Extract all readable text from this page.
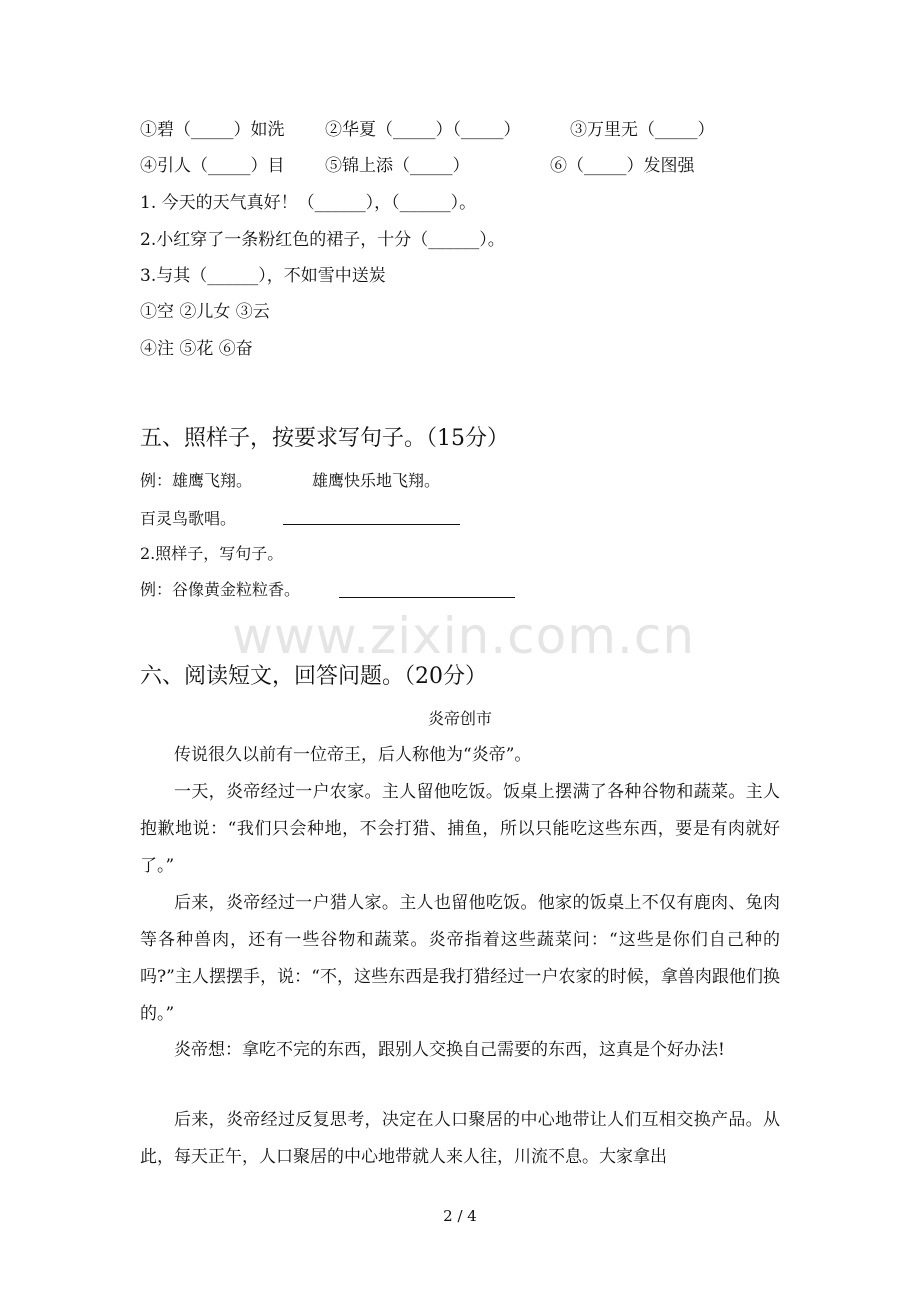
①碧（_____）如洗 ②华夏（_____）（_____）	③万里无（_____）
④引人（_____）目 ⑤锦上添（_____）	⑥（_____）发图强
1. 今天的天气真好！（______），（______）。
2.小红穿了一条粉红色的裙子，十分（______）。
3.与其（______），不如雪中送炭
①空 ②儿女 ③云
④注 ⑤花 ⑥奋
五、照样子，按要求写句子。（15分）
例：雄鹰飞翔。	雄鹰快乐地飞翔。
百灵鸟歌唱。
2.照样子，写句子。
例：谷像黄金粒粒香。
www.zixin.com.cn
六、阅读短文，回答问题。（20分）
炎帝创市
传说很久以前有一位帝王，后人称他为“炎帝”。
一天，炎帝经过一户农家。主人留他吃饭。饭桌上摆满了各种谷物和蔬菜。主人抱歉地说：“我们只会种地，不会打猎、捕鱼，所以只能吃这些东西，要是有肉就好了。”
后来，炎帝经过一户猎人家。主人也留他吃饭。他家的饭桌上不仅有鹿肉、兔肉等各种兽肉，还有一些谷物和蔬菜。炎帝指着这些蔬菜问：“这些是你们自己种的吗?”主人摆摆手，说：“不，这些东西是我打猎经过一户农家的时候，拿兽肉跟他们换的。”
炎帝想：拿吃不完的东西，跟别人交换自己需要的东西，这真是个好办法!
后来，炎帝经过反复思考，决定在人口聚居的中心地带让人们互相交换产品。从此，每天正午，人口聚居的中心地带就人来人往，川流不息。大家拿出
2 / 4
